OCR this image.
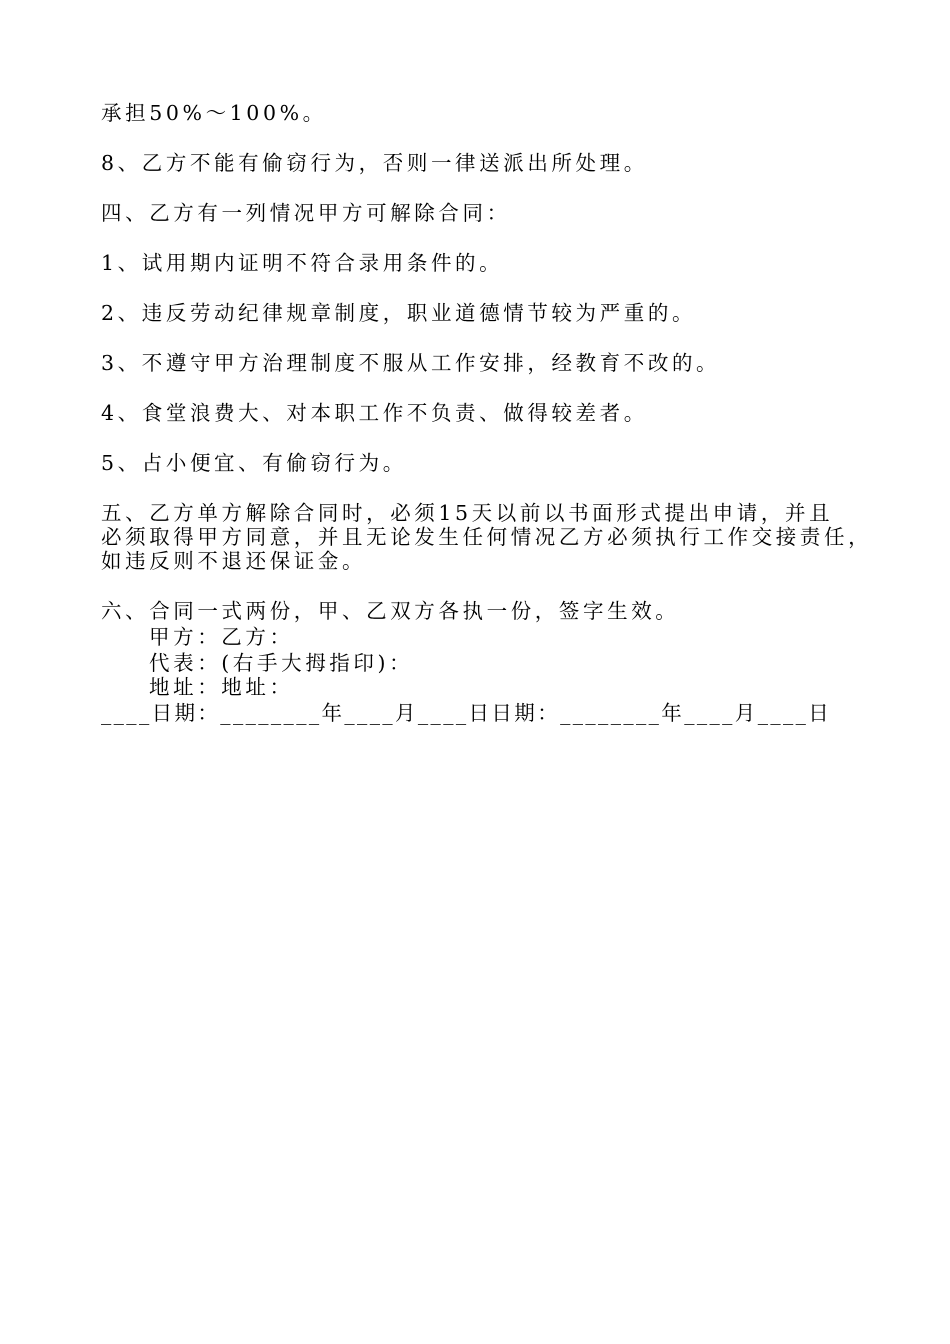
承担50%～100%。
8、乙方不能有偷窃行为，否则一律送派出所处理。
四、乙方有一列情况甲方可解除合同：
1、试用期内证明不符合录用条件的。
2、违反劳动纪律规章制度，职业道德情节较为严重的。
3、不遵守甲方治理制度不服从工作安排，经教育不改的。
4、食堂浪费大、对本职工作不负责、做得较差者。
5、占小便宜、有偷窃行为。
五、乙方单方解除合同时，必须15天以前以书面形式提出申请，并且
必须取得甲方同意，并且无论发生任何情况乙方必须执行工作交接责任，
如违反则不退还保证金。
六、合同一式两份，甲、乙双方各执一份，签字生效。
甲方：乙方：
代表：(右手大拇指印)：
地址：地址：
____日期：________年____月____日日期：________年____月____日
